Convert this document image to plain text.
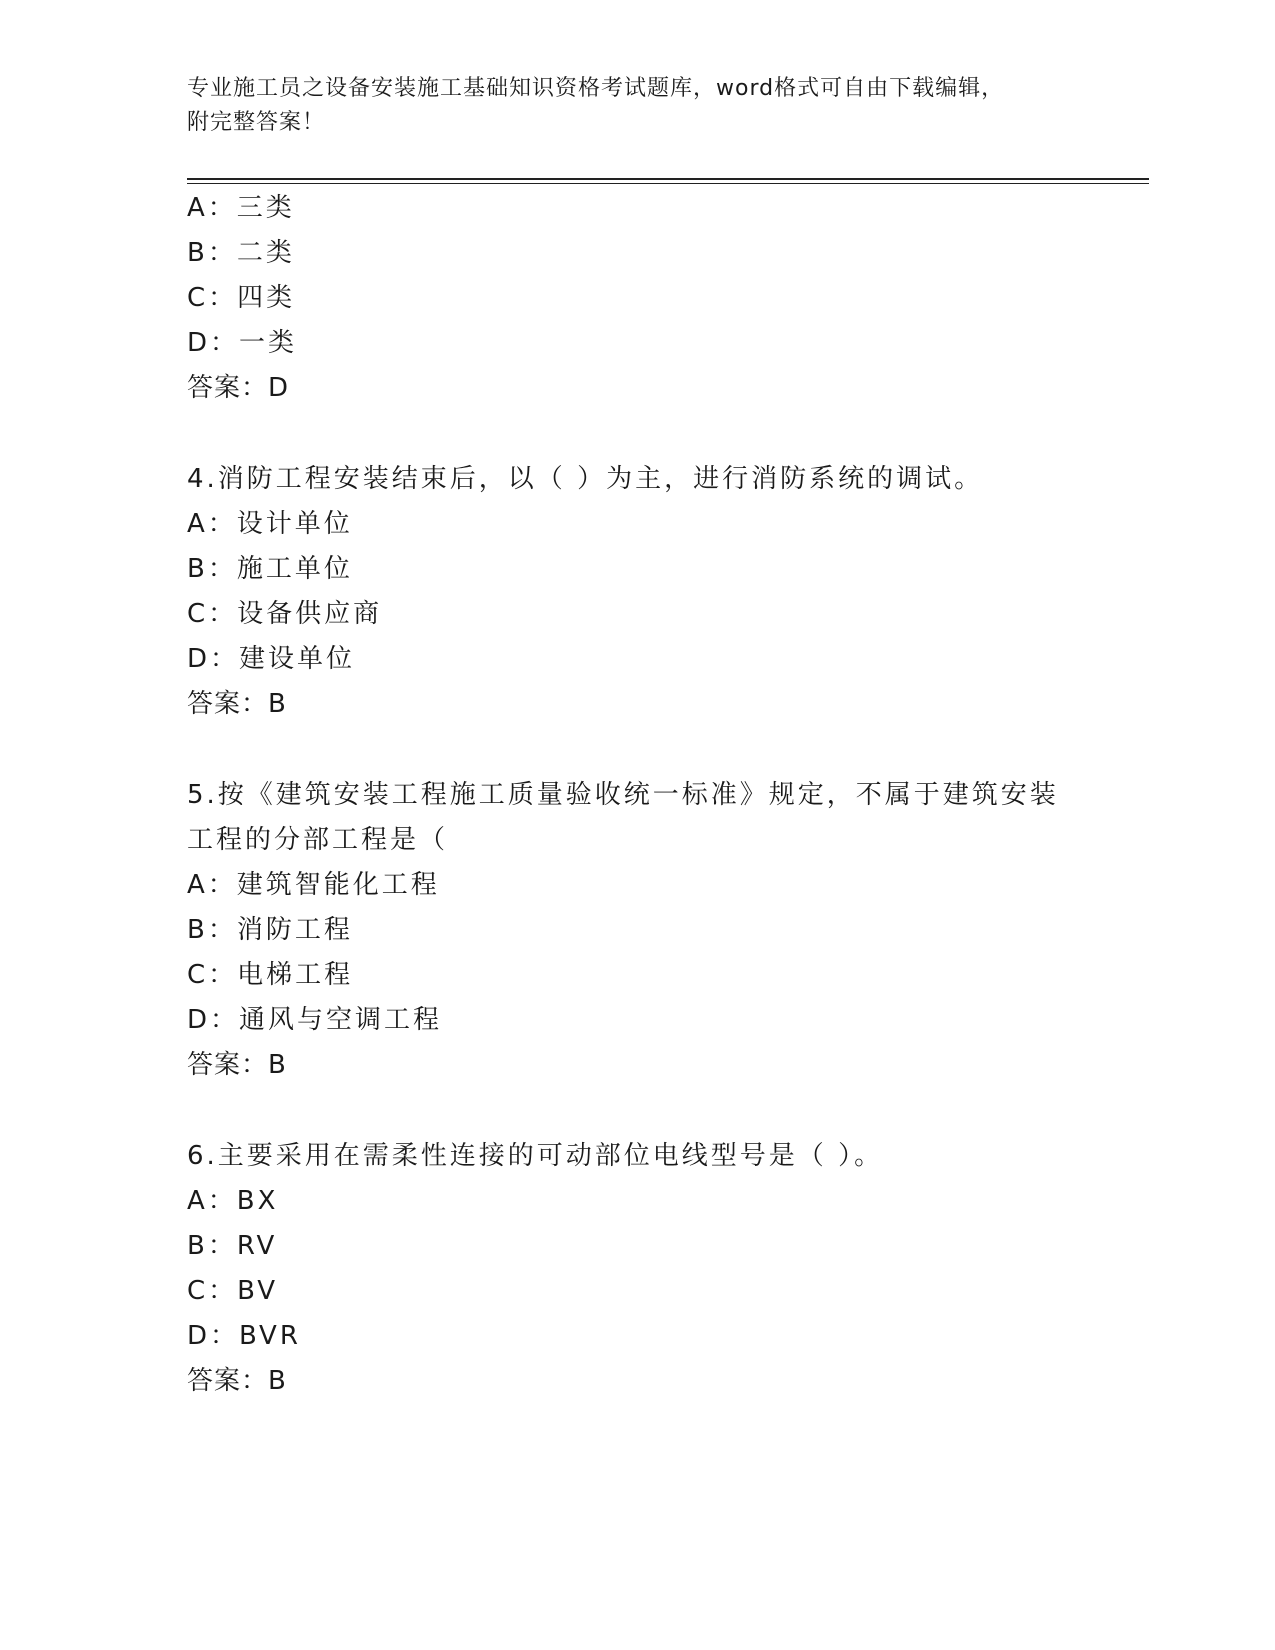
专业施工员之设备安装施工基础知识资格考试题库，word格式可自由下载编辑，
附完整答案！
A：三类
B：二类
C：四类
D：一类
答案：D
4.消防工程安装结束后，以（ ）为主，进行消防系统的调试。
A：设计单位
B：施工单位
C：设备供应商
D：建设单位
答案：B
5.按《建筑安装工程施工质量验收统一标准》规定，不属于建筑安装
工程的分部工程是（
A：建筑智能化工程
B：消防工程
C：电梯工程
D：通风与空调工程
答案：B
6.主要采用在需柔性连接的可动部位电线型号是（ ）。
A：BX
B：RV
C：BV
D：BVR
答案：B
